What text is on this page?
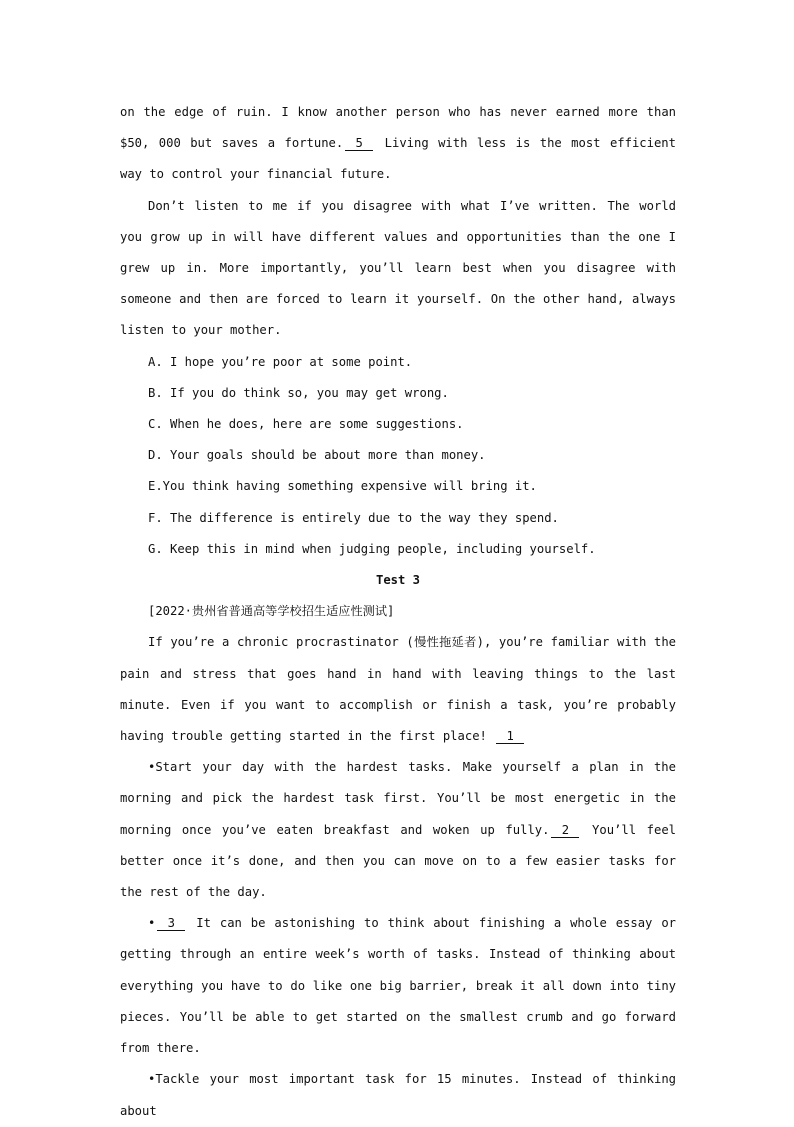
on the edge of ruin. I know another person who has never earned more than $50, 000 but saves a fortune. 5 Living with less is the most efficient way to control your financial future.

Don’t listen to me if you disagree with what I’ve written. The world you grow up in will have different values and opportunities than the one I grew up in. More importantly, you’ll learn best when you disagree with someone and then are forced to learn it yourself. On the other hand, always listen to your mother.

A. I hope you’re poor at some point.

B. If you do think so, you may get wrong.

C. When he does, here are some suggestions.

D. Your goals should be about more than money.

E.You think having something expensive will bring it.

F. The difference is entirely due to the way they spend.

G. Keep this in mind when judging people, including yourself.

Test 3

[2022·贵州省普通高等学校招生适应性测试]

If you’re a chronic procrastinator (慢性拖延者), you’re familiar with the pain and stress that goes hand in hand with leaving things to the last minute. Even if you want to accomplish or finish a task, you’re probably having trouble getting started in the first place! 1

•Start your day with the hardest tasks. Make yourself a plan in the morning and pick the hardest task first. You’ll be most energetic in the morning once you’ve eaten breakfast and woken up fully. 2 You’ll feel better once it’s done, and then you can move on to a few easier tasks for the rest of the day.

• 3 It can be astonishing to think about finishing a whole essay or getting through an entire week’s worth of tasks. Instead of thinking about everything you have to do like one big barrier, break it all down into tiny pieces. You’ll be able to get started on the smallest crumb and go forward from there.

•Tackle your most important task for 15 minutes. Instead of thinking about
